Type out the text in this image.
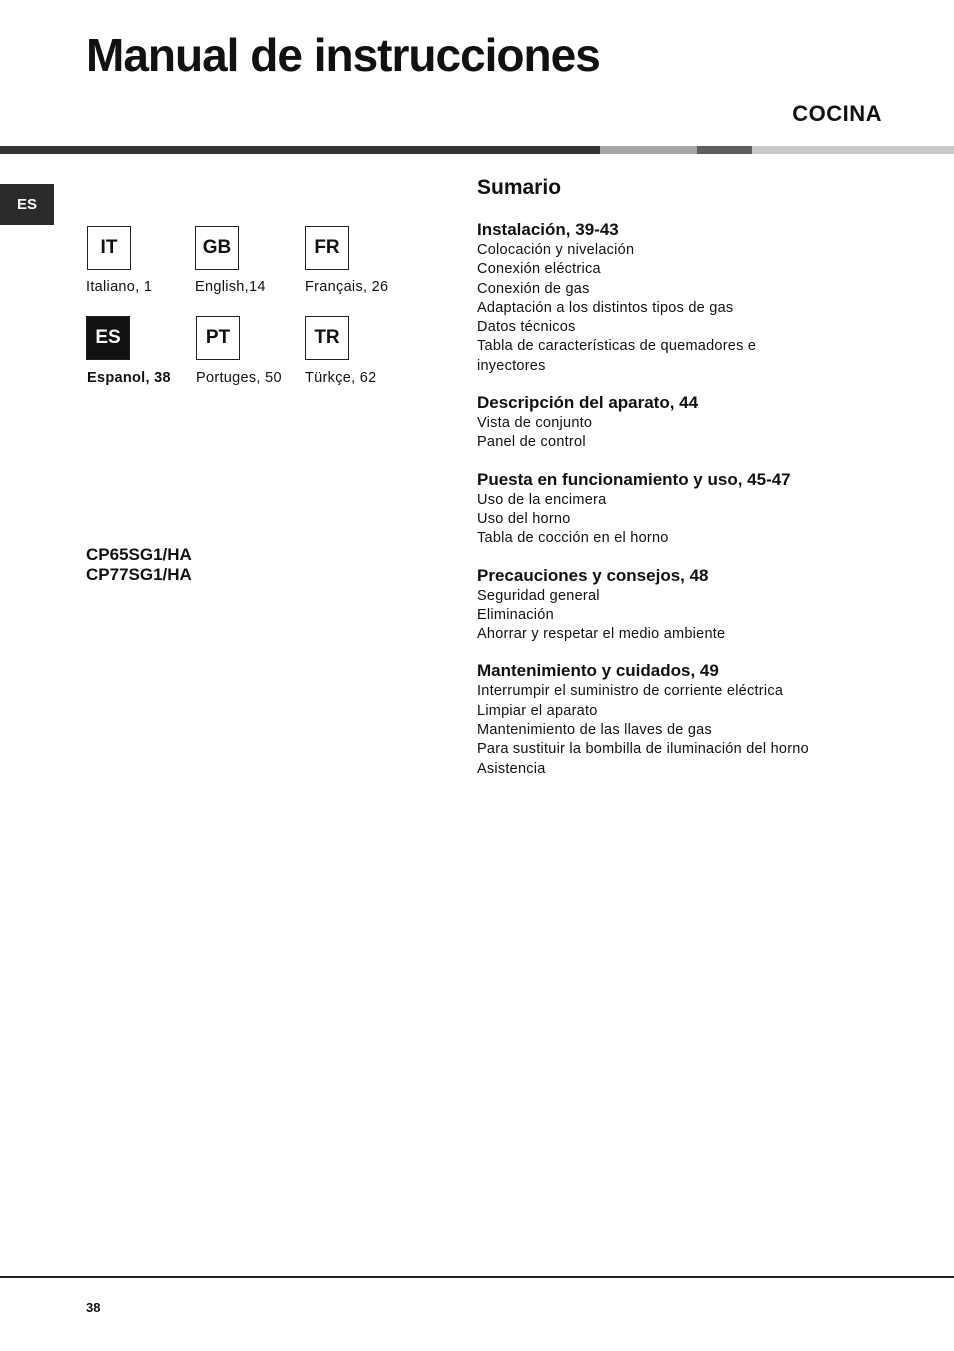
Manual de instrucciones
COCINA
ES
IT	GB	FR
Italiano, 1	English,14	Français, 26
ES	PT	TR
Espanol, 38 Portuges, 50 Türkçe, 62
CP65SG1/HA
CP77SG1/HA
Sumario
Instalación, 39-43
Colocación y nivelación
Conexión eléctrica
Conexión de gas
Adaptación a los distintos tipos de gas
Datos técnicos
Tabla de características de quemadores e
inyectores
Descripción del aparato, 44
Vista de conjunto
Panel de control
Puesta en funcionamiento y uso, 45-47
Uso de la encimera
Uso del horno
Tabla de cocción en el horno
Precauciones y consejos, 48
Seguridad general
Eliminación
Ahorrar y respetar el medio ambiente
Mantenimiento y cuidados, 49
Interrumpir el suministro de corriente eléctrica
Limpiar el aparato
Mantenimiento de las llaves de gas
Para sustituir la bombilla de iluminación del horno
Asistencia
38
